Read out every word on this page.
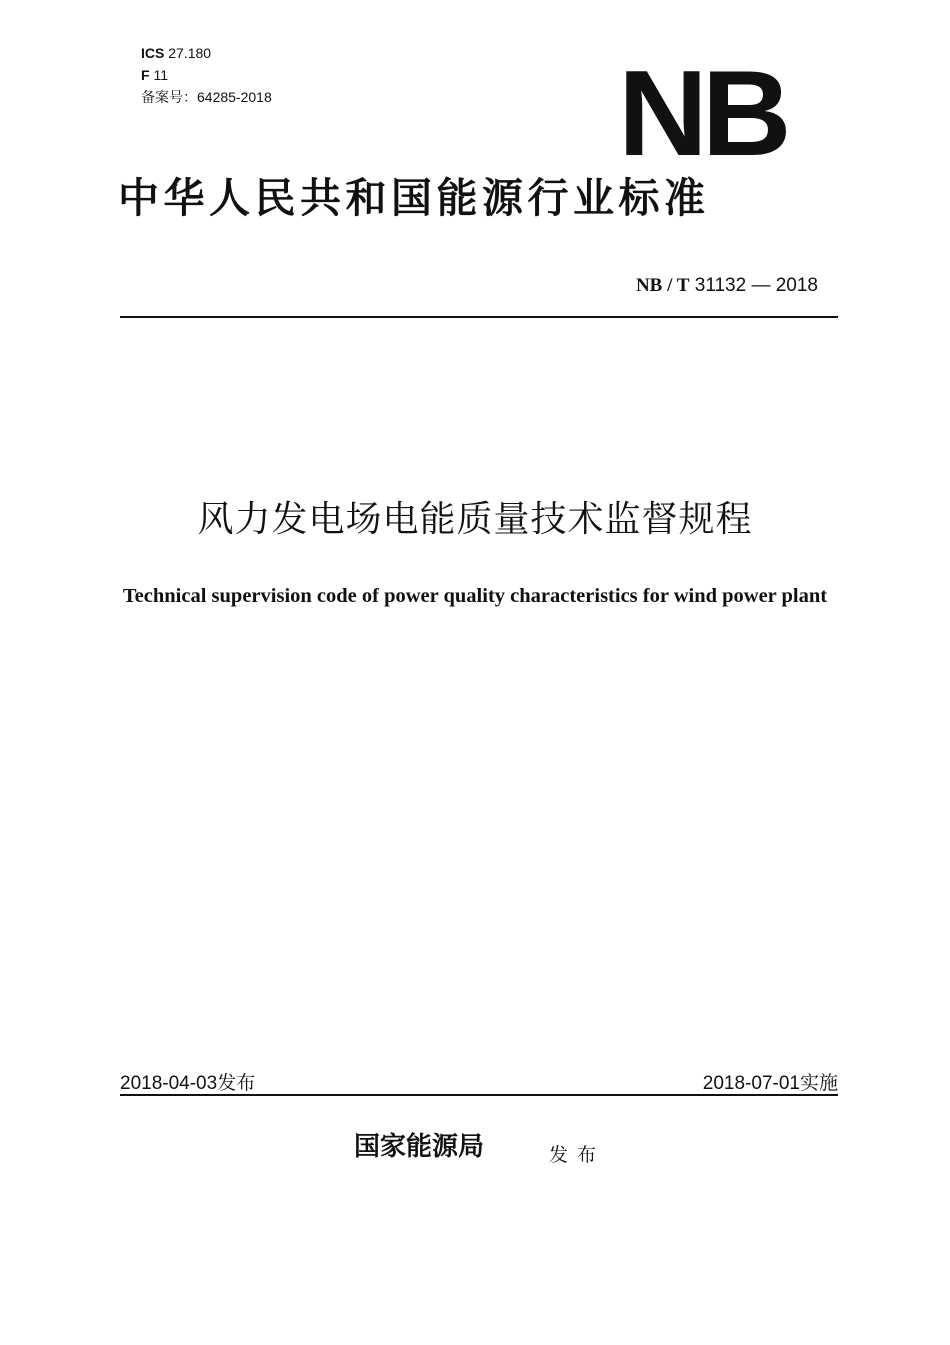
ICS 27.180
F 11
备案号：64285-2018	NB
中华人民共和国能源行业标准
NB / T 31132 — 2018
风力发电场电能质量技术监督规程
Technical supervision code of power quality characteristics for wind power plant
2018-04-03发布	2018-07-01实施
国家能源局	发布
